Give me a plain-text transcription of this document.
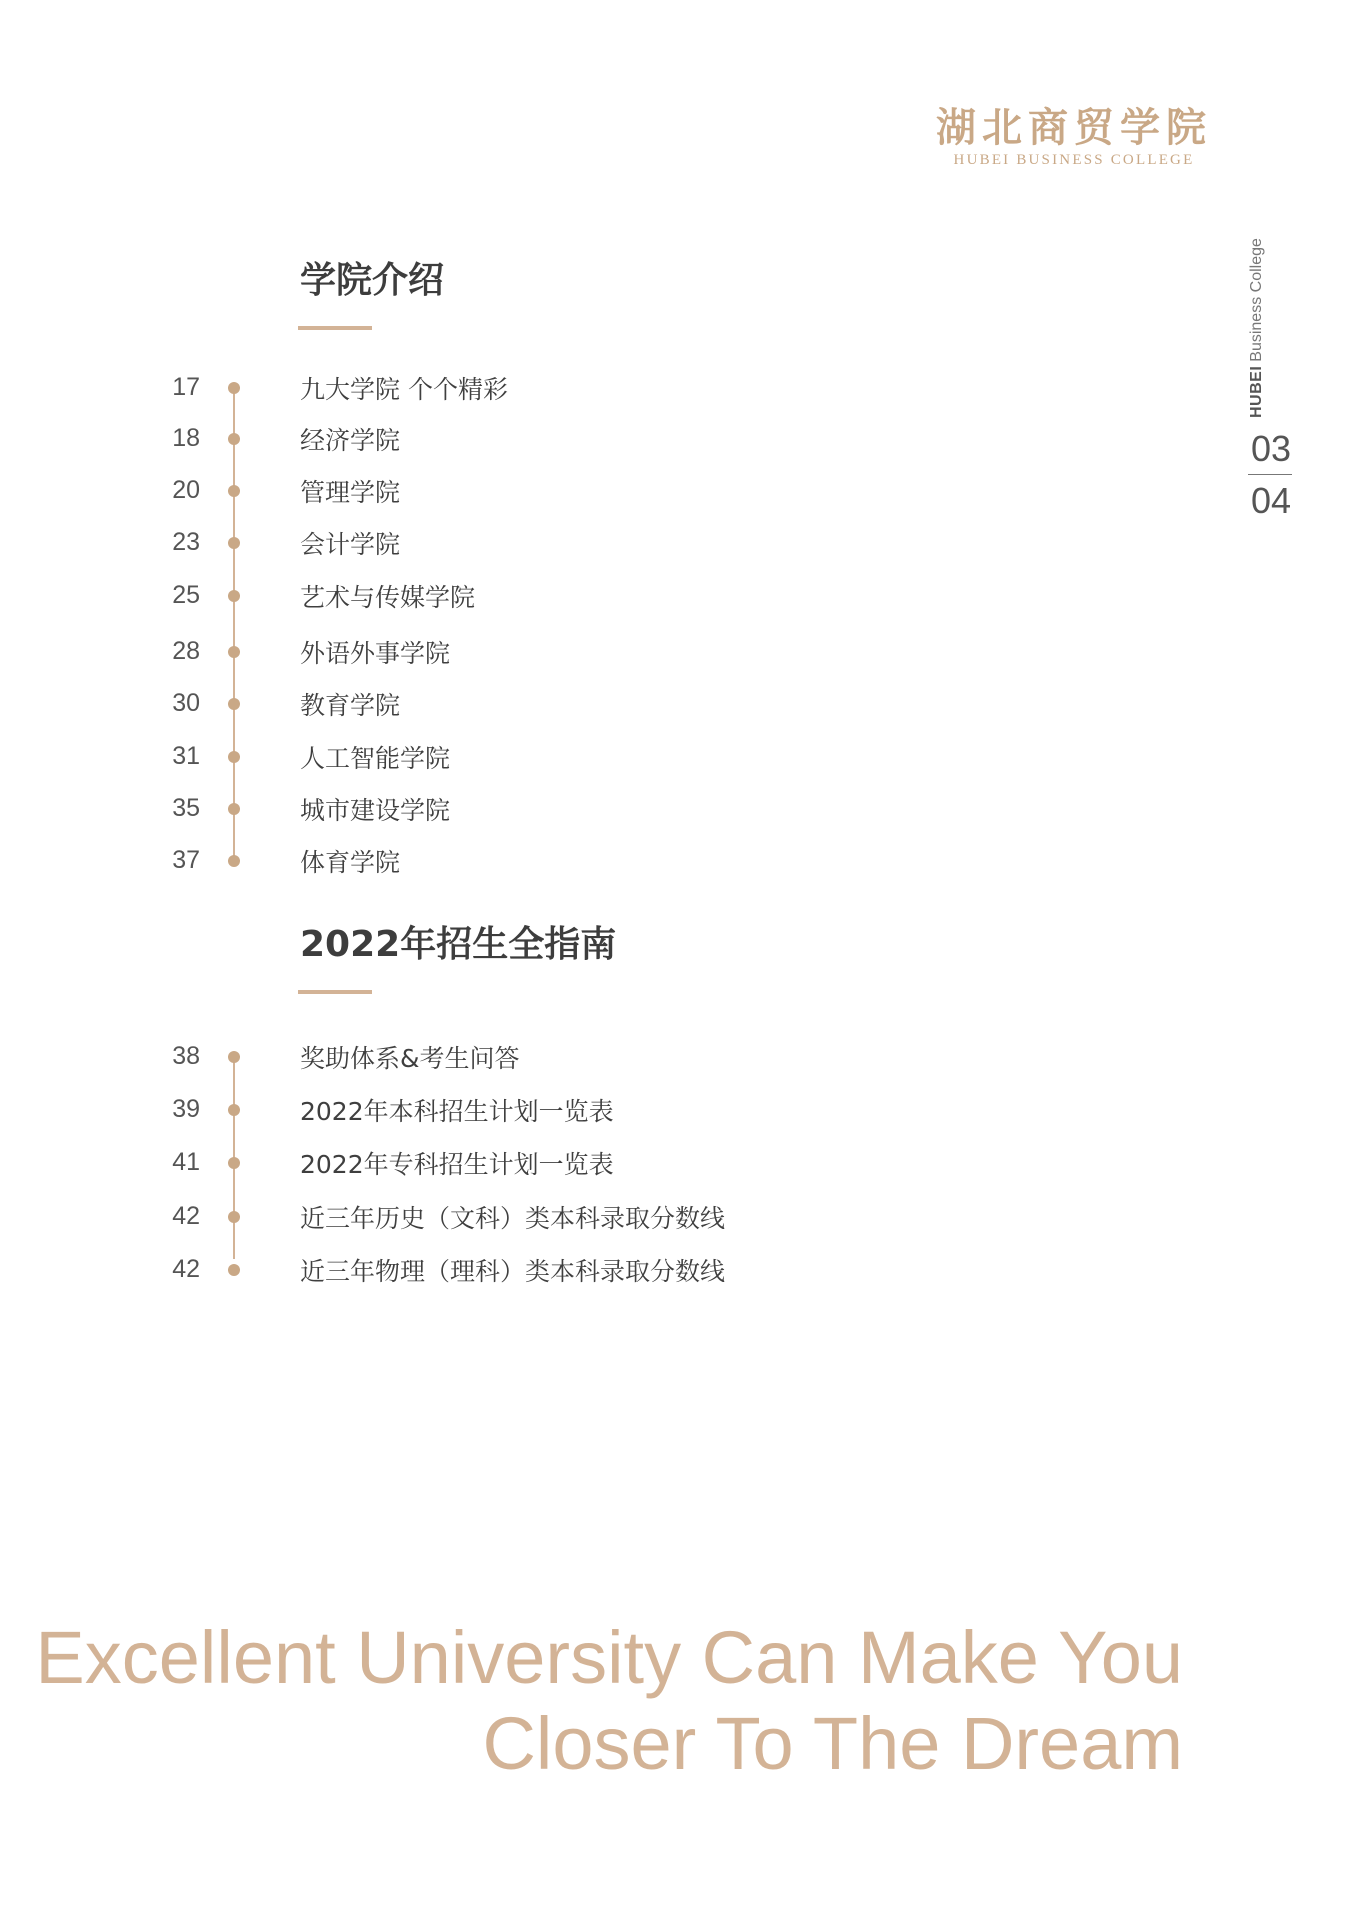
湖北商贸学院
HUBEI BUSINESS COLLEGE
HUBEIBusiness College
03
04
学院介绍
17	九大学院 个个精彩
18	经济学院
20	管理学院
23	会计学院
25	艺术与传媒学院
28	外语外事学院
30	教育学院
31	人工智能学院
35	城市建设学院
37	体育学院
2022年招生全指南
38	奖助体系&考生问答
39	2022年本科招生计划一览表
41	2022年专科招生计划一览表
42	近三年历史（文科）类本科录取分数线
42	近三年物理（理科）类本科录取分数线
Excellent University Can Make You
Closer To The Dream
